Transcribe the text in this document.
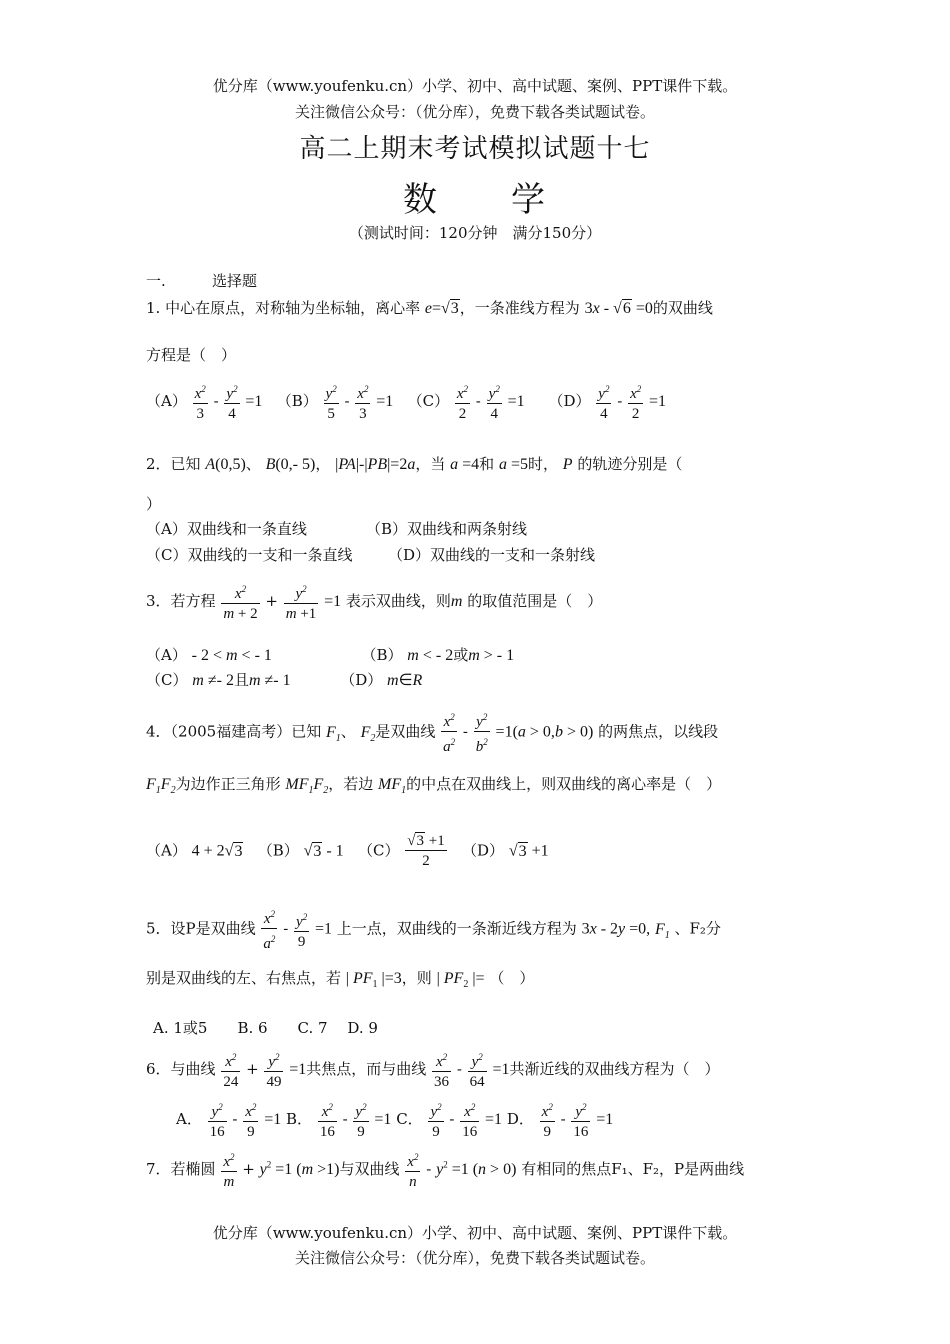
优分库（www.youfenku.cn）小学、初中、高中试题、案例、PPT课件下载。
关注微信公众号：（优分库），免费下载各类试题试卷。
高二上期末考试模拟试题十七
数　　学
（测试时间：120分钟　满分150分）
一.	选择题
1. 中心在原点，对称轴为坐标轴，离心率 e=√3，一条准线方程为 3x - √6 =0的双曲线
方程是（　）
$(A) \frac{x^2}{3} - \frac{y^2}{4} =1$ $(B) \frac{y^2}{5} - \frac{x^2}{3} =1$ $(C) \frac{x^2}{2} - \frac{y^2}{4} =1$ $(D) \frac{y^2}{4} - \frac{x^2}{2} =1$
2．已知 A(0,5)、 B(0,- 5)， |PA|-|PB|=2a，当 a =4和 a =5时， P 的轨迹分别是（
）
（A）双曲线和一条直线	（B）双曲线和两条射线
（C）双曲线的一支和一条直线 （D）双曲线的一支和一条射线
3．若方程 $\frac{x^2}{m + 2} + \frac{y^2}{m +1} =1$ 表示双曲线，则m 的取值范围是（　）
（A） - 2 < m < - 1	（B） m < - 2或m > - 1
（C） m ≠- 2且m ≠- 1	（D） m∈R
4．（2005福建高考）已知 $F_1$、 $F_2$是双曲线 $\frac{x^2}{a^2} - \frac{y^2}{b^2} =1(a > 0,b > 0)$ 的两焦点，以线段
$F_1F_2$为边作正三角形 $MF_1F_2$，若边 $MF_1$的中点在双曲线上，则双曲线的离心率是（　）
（A） 4 + 2√3 （B） √3 - 1 $(C) \frac{√3 +1}{2} (D)$ √3 +1
5．设P是双曲线 $\frac{x^2}{a^2} - \frac{y^2}{9} =1$ 上一点，双曲线的一条渐近线方程为 3x - 2y =0, $F_1$ 、F₂分
别是双曲线的左、右焦点，若 | $PF_1$ |=3，则 | $PF_2$ |= （　）
A. 1或5　　B. 6　　C. 7　 D. 9
6．与曲线 $\frac{x^2}{24} + \frac{y^2}{49} =1$共焦点，而与曲线 $\frac{x^2}{36} - \frac{y^2}{64} =1$共渐近线的双曲线方程为（　）
A． $\frac{y^2}{16} - \frac{x^2}{9} =1$ B． $\frac{x^2}{16} - \frac{y^2}{9} =1$ C． $\frac{y^2}{9} - \frac{x^2}{16} =1$ D． $\frac{x^2}{9} - \frac{y^2}{16} =1$
7．若椭圆 $\frac{x^2}{m} + y^2 =1$ (m >1)与双曲线 $\frac{x^2}{n} - y^2 =1$ (n > 0) 有相同的焦点F₁、F₂，P是两曲线
优分库（www.youfenku.cn）小学、初中、高中试题、案例、PPT课件下载。
关注微信公众号：（优分库），免费下载各类试题试卷。
